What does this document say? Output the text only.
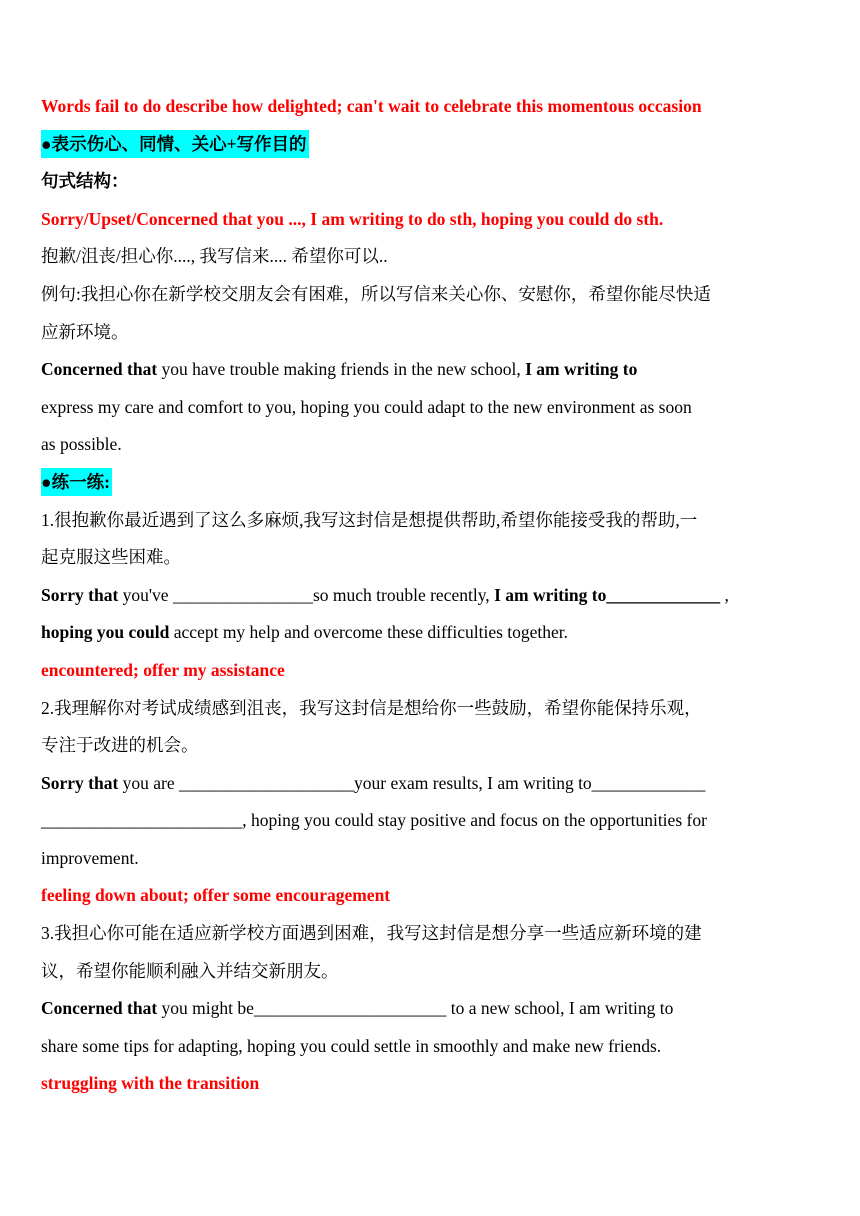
Words fail to do describe how delighted; can't wait to celebrate this momentous occasion

●表示伤心、同情、关心+写作目的

句式结构：

Sorry/Upset/Concerned that you ..., I am writing to do sth, hoping you could do sth.

抱歉/沮丧/担心你...., 我写信来.... 希望你可以..

例句:我担心你在新学校交朋友会有困难，所以写信来关心你、安慰你，希望你能尽快适

应新环境。

Concerned that you have trouble making friends in the new school, I am writing to

express my care and comfort to you, hoping you could adapt to the new environment as soon

as possible.

●练一练:

1.很抱歉你最近遇到了这么多麻烦,我写这封信是想提供帮助,希望你能接受我的帮助,一

起克服这些困难。

Sorry that you've ________________so much trouble recently, I am writing to_____________ ,

hoping you could accept my help and overcome these difficulties together.

encountered; offer my assistance

2.我理解你对考试成绩感到沮丧，我写这封信是想给你一些鼓励，希望你能保持乐观，

专注于改进的机会。

Sorry that you are ____________________your exam results, I am writing to_____________

_______________________, hoping you could stay positive and focus on the opportunities for

improvement.

feeling down about; offer some encouragement

3.我担心你可能在适应新学校方面遇到困难，我写这封信是想分享一些适应新环境的建

议，希望你能顺利融入并结交新朋友。

Concerned that you might be______________________ to a new school, I am writing to

share some tips for adapting, hoping you could settle in smoothly and make new friends.

struggling with the transition
